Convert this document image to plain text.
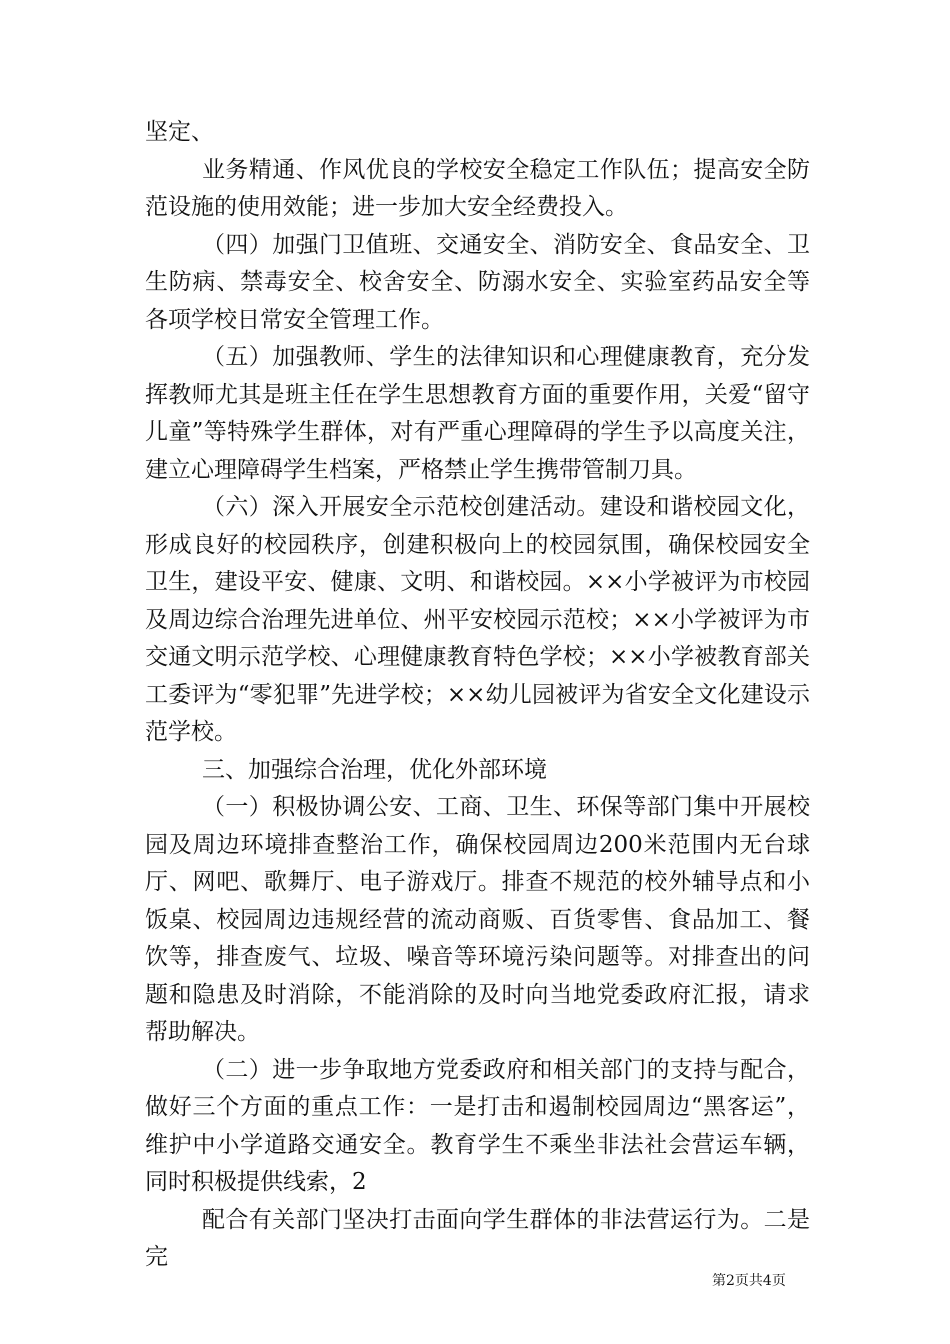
坚定、

业务精通、作风优良的学校安全稳定工作队伍；提高安全防范设施的使用效能；进一步加大安全经费投入。

（四）加强门卫值班、交通安全、消防安全、食品安全、卫生防病、禁毒安全、校舍安全、防溺水安全、实验室药品安全等各项学校日常安全管理工作。

（五）加强教师、学生的法律知识和心理健康教育，充分发挥教师尤其是班主任在学生思想教育方面的重要作用，关爱“留守儿童”等特殊学生群体，对有严重心理障碍的学生予以高度关注，建立心理障碍学生档案，严格禁止学生携带管制刀具。

（六）深入开展安全示范校创建活动。建设和谐校园文化，形成良好的校园秩序，创建积极向上的校园氛围，确保校园安全卫生，建设平安、健康、文明、和谐校园。××小学被评为市校园及周边综合治理先进单位、州平安校园示范校；××小学被评为市交通文明示范学校、心理健康教育特色学校；××小学被教育部关工委评为“零犯罪”先进学校；××幼儿园被评为省安全文化建设示范学校。

三、加强综合治理，优化外部环境

（一）积极协调公安、工商、卫生、环保等部门集中开展校园及周边环境排查整治工作，确保校园周边200米范围内无台球厅、网吧、歌舞厅、电子游戏厅。排查不规范的校外辅导点和小饭桌、校园周边违规经营的流动商贩、百货零售、食品加工、餐饮等，排查废气、垃圾、噪音等环境污染问题等。对排查出的问题和隐患及时消除，不能消除的及时向当地党委政府汇报，请求帮助解决。

（二）进一步争取地方党委政府和相关部门的支持与配合，做好三个方面的重点工作：一是打击和遏制校园周边“黑客运”，维护中小学道路交通安全。教育学生不乘坐非法社会营运车辆，同时积极提供线索，2

配合有关部门坚决打击面向学生群体的非法营运行为。二是完

第2页共4页
